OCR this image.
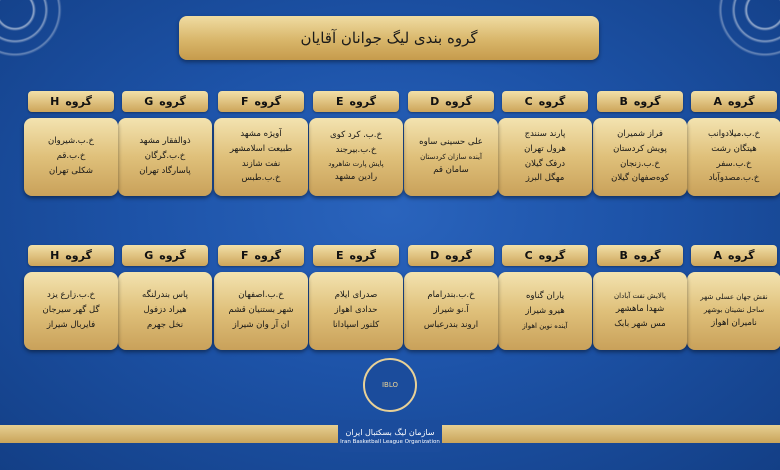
گروه بندی لیگ جوانان آقایان
A گروه
خ.ب.میلادوانب
هیتگان رشت
خ.ب.سفر
خ.ب.مصدوآباد
B گروه
فراز شمیران
پویش کردستان
خ.ب.زنجان
کوه‌صفهان گیلان
C گروه
پارند سنندج
هرول تهران
درفک گیلان
مهگل البرز
D گروه
علی حسینی ساوه
آینده سازان کردستان
سامان قم
E گروه
خ.ب. کرد کوی
خ.ب.بیرجند
پایش پارت شاهرود
رادین مشهد
F گروه
آویژه مشهد
طبیعت اسلامشهر
نفت شازند
خ.ب.طبس
G گروه
ذوالفقار مشهد
خ.ب.گرگان
پاسارگاد تهران
H گروه
خ.ب.شیروان
خ.ب.قم
شکلی تهران
A گروه
نقش جهان عسلی شهر
ساحل نشینان بوشهر
نامیران اهواز
B گروه
پالایش نفت آبادان
شهدا ماهشهر
مس شهر بابک
C گروه
یاران گناوه
هیرو شیراز
آینده نوین اهواز
D گروه
خ.ب.بندرامام
آ.نو شیراز
اروند بندرعباس
E گروه
صدرای ایلام
حدادی اهواز
کلنور اسپادانا
F گروه
خ.ب.اصفهان
شهر بستنیان قشم
ان آر وان شیراز
G گروه
پاس بندرلنگه
هیراد دزفول
نخل جهرم
H گروه
خ.ب.زارع یزد
گل گهر سیرجان
فایربال شیراز
IBLO
سازمان لیگ بسکتبال ایران
Iran Basketball League Organization
